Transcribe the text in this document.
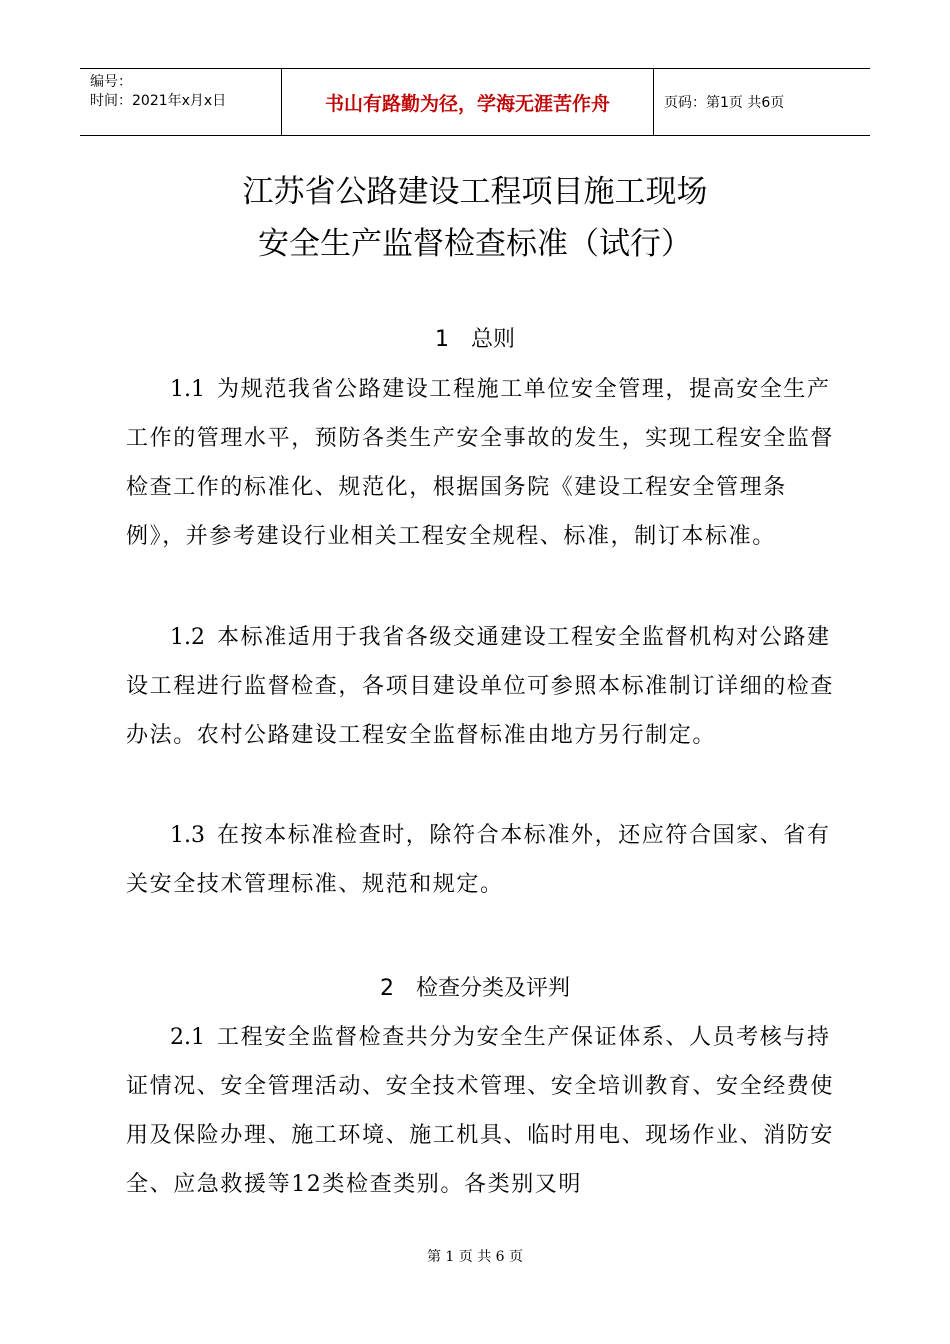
编号：
时间：2021年x月x日	书山有路勤为径，学海无涯苦作舟	页码：第1页 共6页
江苏省公路建设工程项目施工现场
安全生产监督检查标准（试行）
1　总则

1.1 为规范我省公路建设工程施工单位安全管理，提高安全生产工作的管理水平，预防各类生产安全事故的发生，实现工程安全监督检查工作的标准化、规范化，根据国务院《建设工程安全管理条例》，并参考建设行业相关工程安全规程、标准，制订本标准。

1.2 本标准适用于我省各级交通建设工程安全监督机构对公路建设工程进行监督检查，各项目建设单位可参照本标准制订详细的检查办法。农村公路建设工程安全监督标准由地方另行制定。

1.3 在按本标准检查时，除符合本标准外，还应符合国家、省有关安全技术管理标准、规范和规定。

2　检查分类及评判

2.1 工程安全监督检查共分为安全生产保证体系、人员考核与持证情况、安全管理活动、安全技术管理、安全培训教育、安全经费使用及保险办理、施工环境、施工机具、临时用电、现场作业、消防安全、应急救援等12类检查类别。各类别又明

第 1 页 共 6 页
